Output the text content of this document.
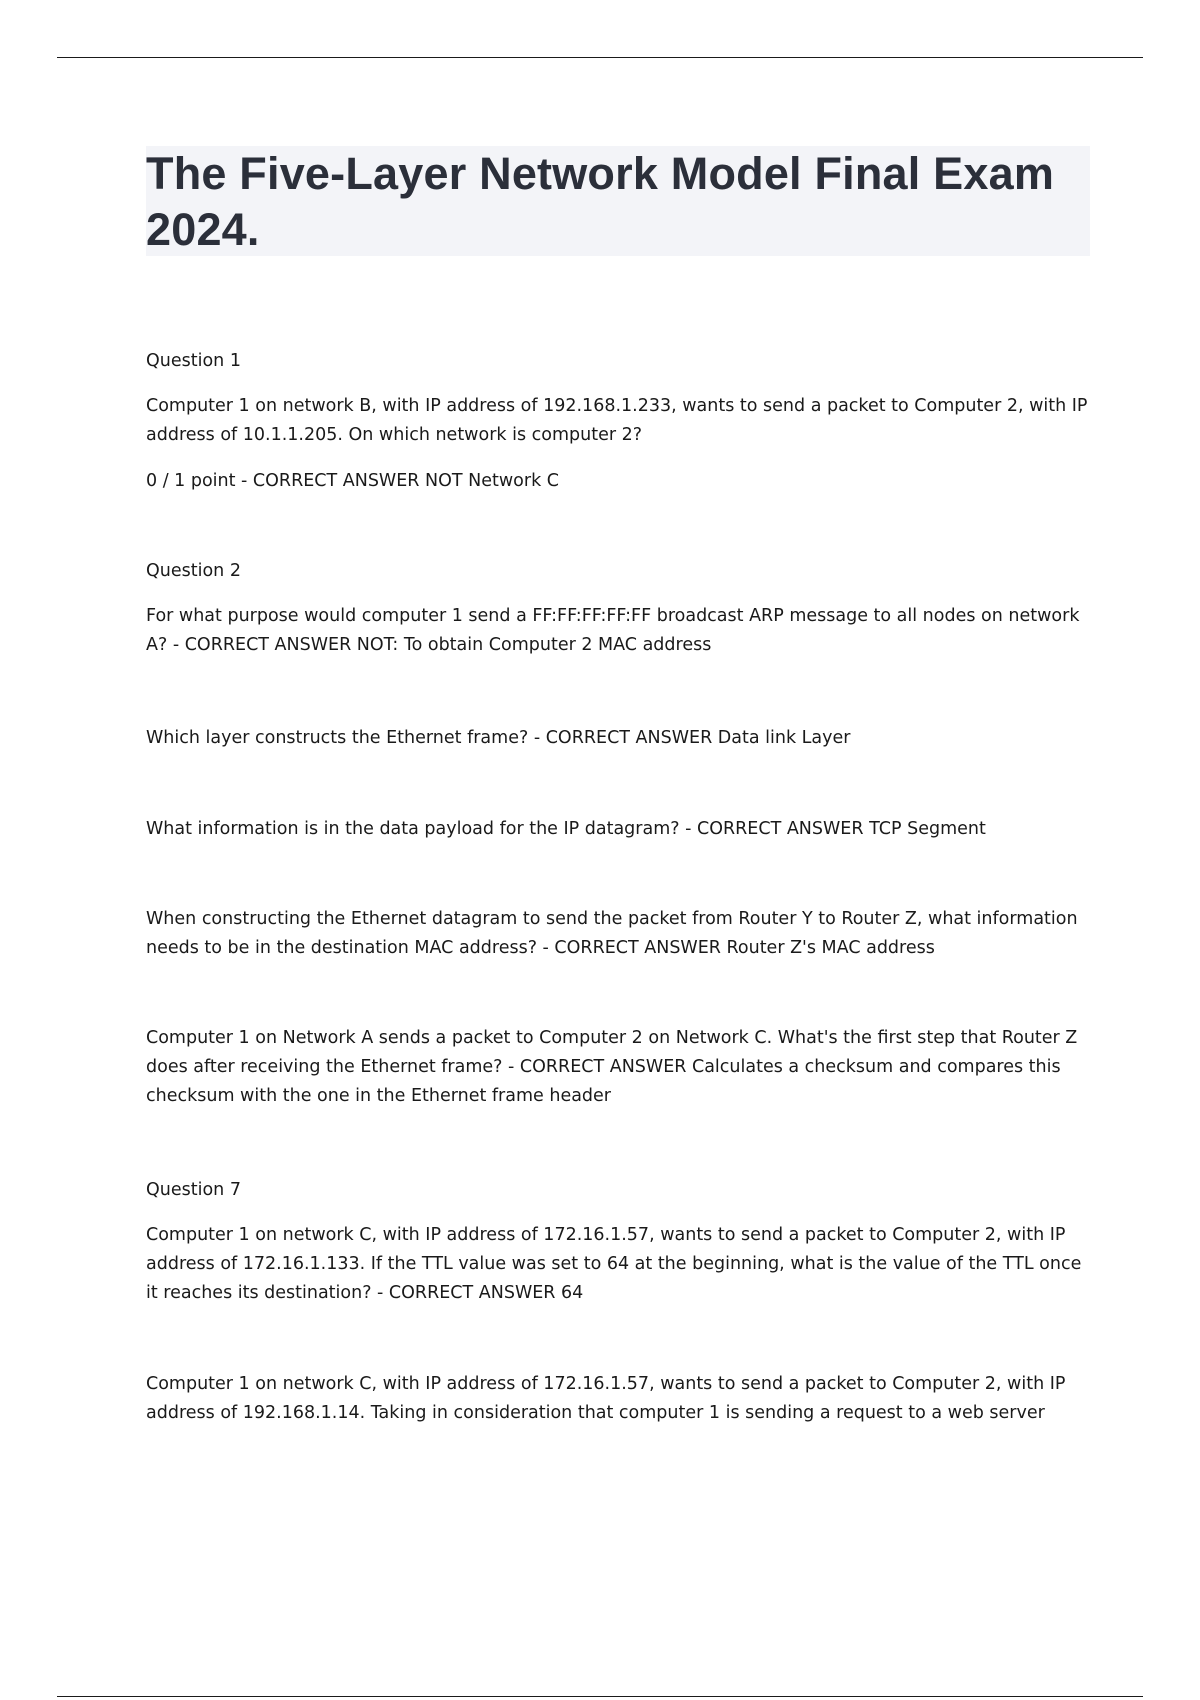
The Five-Layer Network Model Final Exam 2024.

Question 1

Computer 1 on network B, with IP address of 192.168.1.233, wants to send a packet to Computer 2, with IP address of 10.1.1.205. On which network is computer 2?

0 / 1 point - CORRECT ANSWER NOT Network C

Question 2

For what purpose would computer 1 send a FF:FF:FF:FF:FF broadcast ARP message to all nodes on network A? - CORRECT ANSWER NOT: To obtain Computer 2 MAC address

Which layer constructs the Ethernet frame? - CORRECT ANSWER Data link Layer

What information is in the data payload for the IP datagram? - CORRECT ANSWER TCP Segment

When constructing the Ethernet datagram to send the packet from Router Y to Router Z, what information needs to be in the destination MAC address? - CORRECT ANSWER Router Z's MAC address

Computer 1 on Network A sends a packet to Computer 2 on Network C. What's the first step that Router Z does after receiving the Ethernet frame? - CORRECT ANSWER Calculates a checksum and compares this checksum with the one in the Ethernet frame header

Question 7

Computer 1 on network C, with IP address of 172.16.1.57, wants to send a packet to Computer 2, with IP address of 172.16.1.133. If the TTL value was set to 64 at the beginning, what is the value of the TTL once it reaches its destination? - CORRECT ANSWER 64

Computer 1 on network C, with IP address of 172.16.1.57, wants to send a packet to Computer 2, with IP address of 192.168.1.14. Taking in consideration that computer 1 is sending a request to a web server
